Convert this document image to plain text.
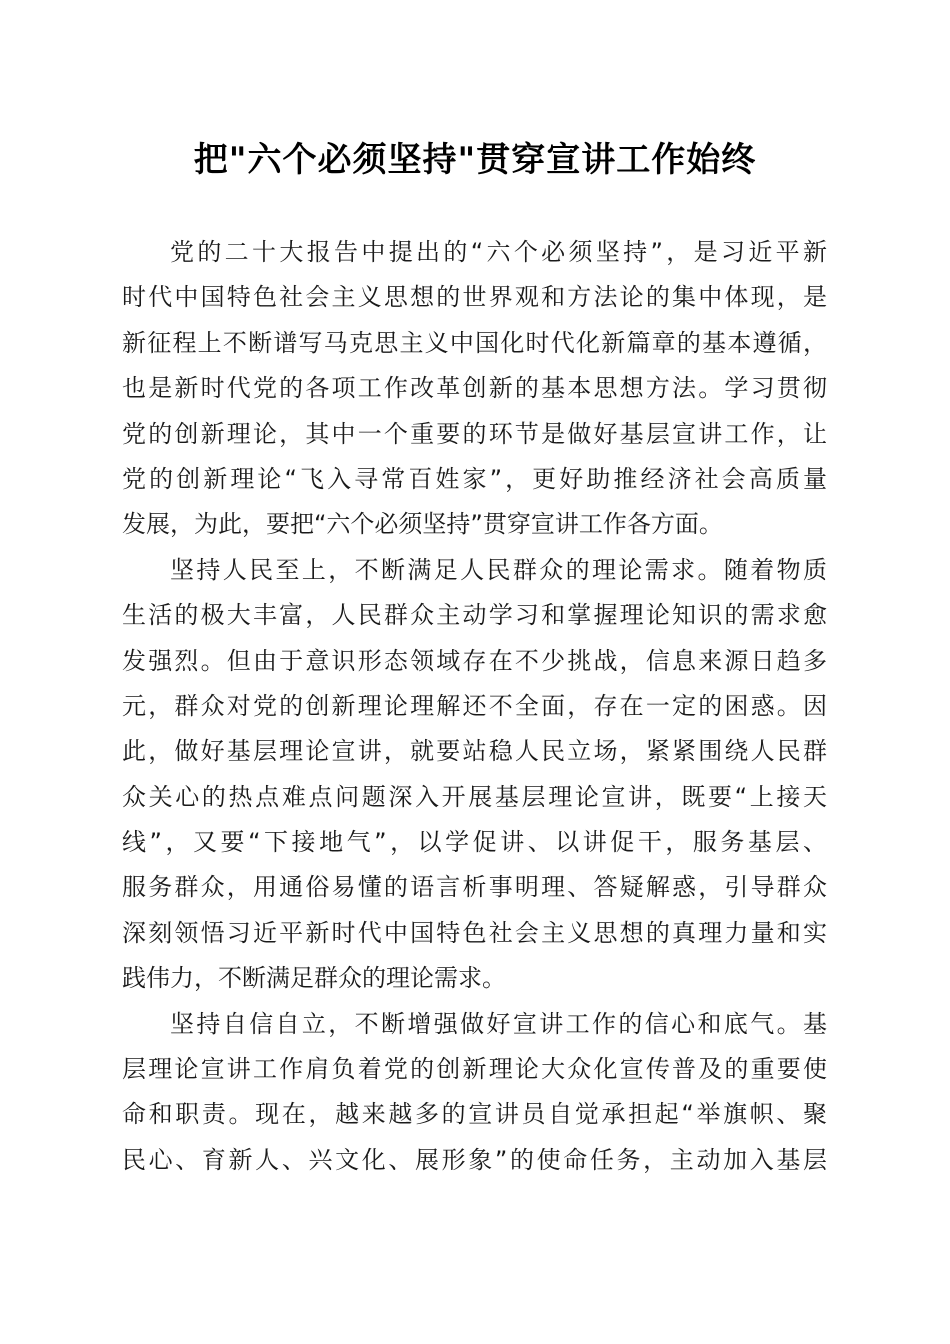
把"六个必须坚持"贯穿宣讲工作始终
党的二十大报告中提出的“六个必须坚持”，是习近平新
时代中国特色社会主义思想的世界观和方法论的集中体现，是
新征程上不断谱写马克思主义中国化时代化新篇章的基本遵循，
也是新时代党的各项工作改革创新的基本思想方法。学习贯彻
党的创新理论，其中一个重要的环节是做好基层宣讲工作，让
党的创新理论“飞入寻常百姓家”，更好助推经济社会高质量
发展，为此，要把“六个必须坚持”贯穿宣讲工作各方面。
坚持人民至上，不断满足人民群众的理论需求。随着物质
生活的极大丰富，人民群众主动学习和掌握理论知识的需求愈
发强烈。但由于意识形态领域存在不少挑战，信息来源日趋多
元，群众对党的创新理论理解还不全面，存在一定的困惑。因
此，做好基层理论宣讲，就要站稳人民立场，紧紧围绕人民群
众关心的热点难点问题深入开展基层理论宣讲，既要“上接天
线”，又要“下接地气”，以学促讲、以讲促干，服务基层、
服务群众，用通俗易懂的语言析事明理、答疑解惑，引导群众
深刻领悟习近平新时代中国特色社会主义思想的真理力量和实
践伟力，不断满足群众的理论需求。
坚持自信自立，不断增强做好宣讲工作的信心和底气。基
层理论宣讲工作肩负着党的创新理论大众化宣传普及的重要使
命和职责。现在，越来越多的宣讲员自觉承担起“举旗帜、聚
民心、育新人、兴文化、展形象”的使命任务，主动加入基层
